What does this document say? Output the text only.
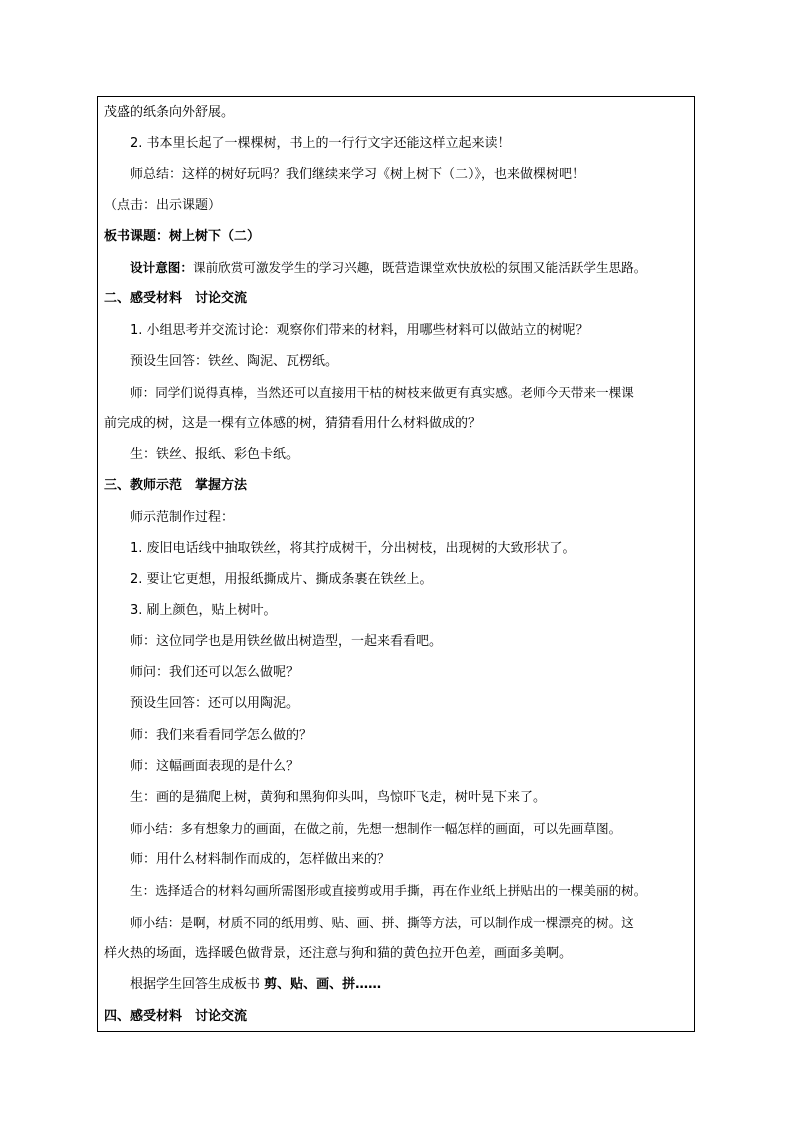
茂盛的纸条向外舒展。
2. 书本里长起了一棵棵树，书上的一行行文字还能这样立起来读！
师总结：这样的树好玩吗？我们继续来学习《树上树下（二）》，也来做棵树吧！
（点击：出示课题）
板书课题：树上树下（二）
设计意图：课前欣赏可激发学生的学习兴趣，既营造课堂欢快放松的氛围又能活跃学生思路。
二、感受材料　讨论交流
1. 小组思考并交流讨论：观察你们带来的材料，用哪些材料可以做站立的树呢？
预设生回答：铁丝、陶泥、瓦楞纸。
师：同学们说得真棒，当然还可以直接用干枯的树枝来做更有真实感。老师今天带来一棵课
前完成的树，这是一棵有立体感的树，猜猜看用什么材料做成的？
生：铁丝、报纸、彩色卡纸。
三、教师示范　掌握方法
师示范制作过程：
1. 废旧电话线中抽取铁丝，将其拧成树干，分出树枝，出现树的大致形状了。
2. 要让它更想，用报纸撕成片、撕成条裹在铁丝上。
3. 刷上颜色，贴上树叶。
师：这位同学也是用铁丝做出树造型，一起来看看吧。
师问：我们还可以怎么做呢？
预设生回答：还可以用陶泥。
师：我们来看看同学怎么做的？
师：这幅画面表现的是什么？
生：画的是猫爬上树，黄狗和黑狗仰头叫，鸟惊吓飞走，树叶晃下来了。
师小结：多有想象力的画面，在做之前，先想一想制作一幅怎样的画面，可以先画草图。
师：用什么材料制作而成的，怎样做出来的？
生：选择适合的材料勾画所需图形或直接剪或用手撕，再在作业纸上拼贴出的一棵美丽的树。
师小结：是啊，材质不同的纸用剪、贴、画、拼、撕等方法，可以制作成一棵漂亮的树。这
样火热的场面，选择暖色做背景，还注意与狗和猫的黄色拉开色差，画面多美啊。
根据学生回答生成板书 剪、贴、画、拼……
四、感受材料　讨论交流
